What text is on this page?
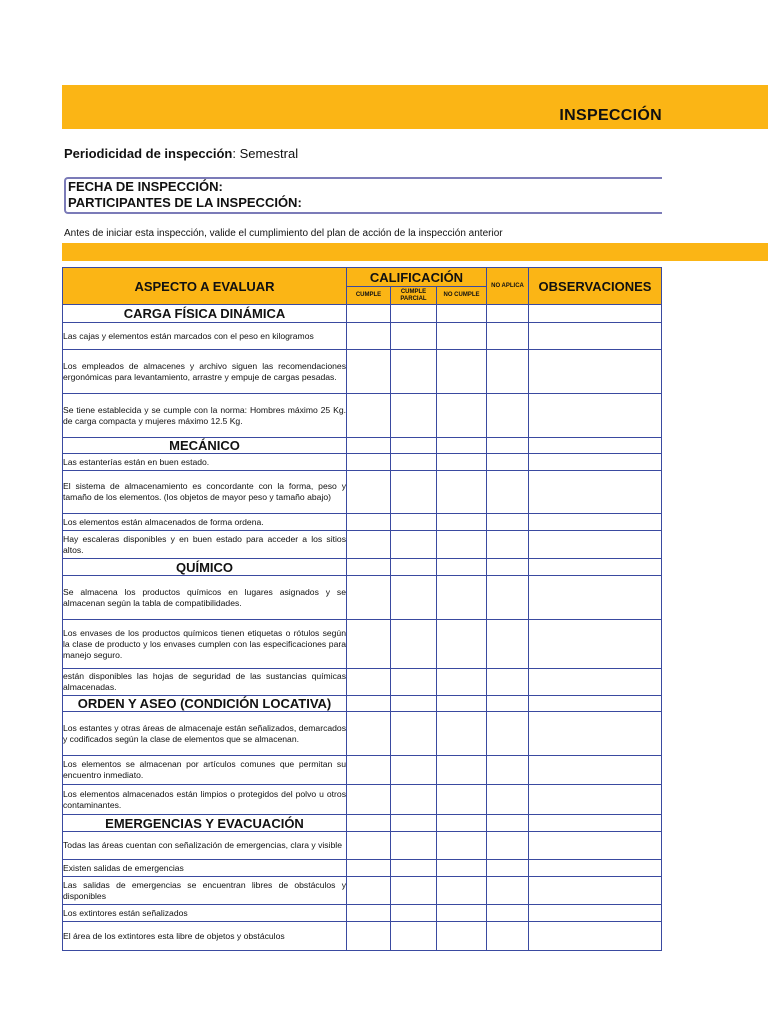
INSPECCIÓN
Periodicidad de inspección: Semestral
FECHA DE INSPECCIÓN:
PARTICIPANTES DE LA INSPECCIÓN:
Antes de iniciar esta inspección, valide el cumplimiento del plan de acción de la inspección anterior
ASPECTO A EVALUAR	CALIFICACIÓN			NO APLICA	OBSERVACIONES
	CUMPLE	CUMPLE PARCIAL	NO CUMPLE		
CARGA FÍSICA DINÁMICA					
Las cajas y elementos están marcados con el peso en kilogramos					
Los empleados de almacenes y archivo siguen las recomendaciones ergonómicas para levantamiento, arrastre y empuje de cargas pesadas.					
Se tiene establecida y se cumple con la norma: Hombres máximo 25 Kg. de carga compacta y mujeres máximo 12.5 Kg.					
MECÁNICO					
Las estanterías están en buen estado.					
El sistema de almacenamiento es concordante con la forma, peso y tamaño de los elementos. (los objetos de mayor peso y tamaño abajo)					
Los elementos están almacenados de forma ordena.					
Hay escaleras disponibles y en buen estado para acceder a los sitios altos.					
QUÍMICO					
Se almacena los productos químicos en lugares asignados y se almacenan según la tabla de compatibilidades.					
Los envases de los productos químicos tienen etiquetas o rótulos según la clase de producto y los envases cumplen con las especificaciones para manejo seguro.					
están disponibles las hojas de seguridad de las sustancias químicas almacenadas.					
ORDEN Y ASEO (CONDICIÓN LOCATIVA)					
Los estantes y otras áreas de almacenaje están señalizados, demarcados y codificados según la clase de elementos que se almacenan.					
Los elementos se almacenan por artículos comunes que permitan su encuentro inmediato.					
Los elementos almacenados están limpios o protegidos del polvo u otros contaminantes.					
EMERGENCIAS Y EVACUACIÓN					
Todas las áreas cuentan con señalización de emergencias, clara y visible					
Existen salidas de emergencias					
Las salidas de emergencias se encuentran libres de obstáculos y disponibles					
Los extintores están señalizados					
El área de los extintores esta libre de objetos y obstáculos					
